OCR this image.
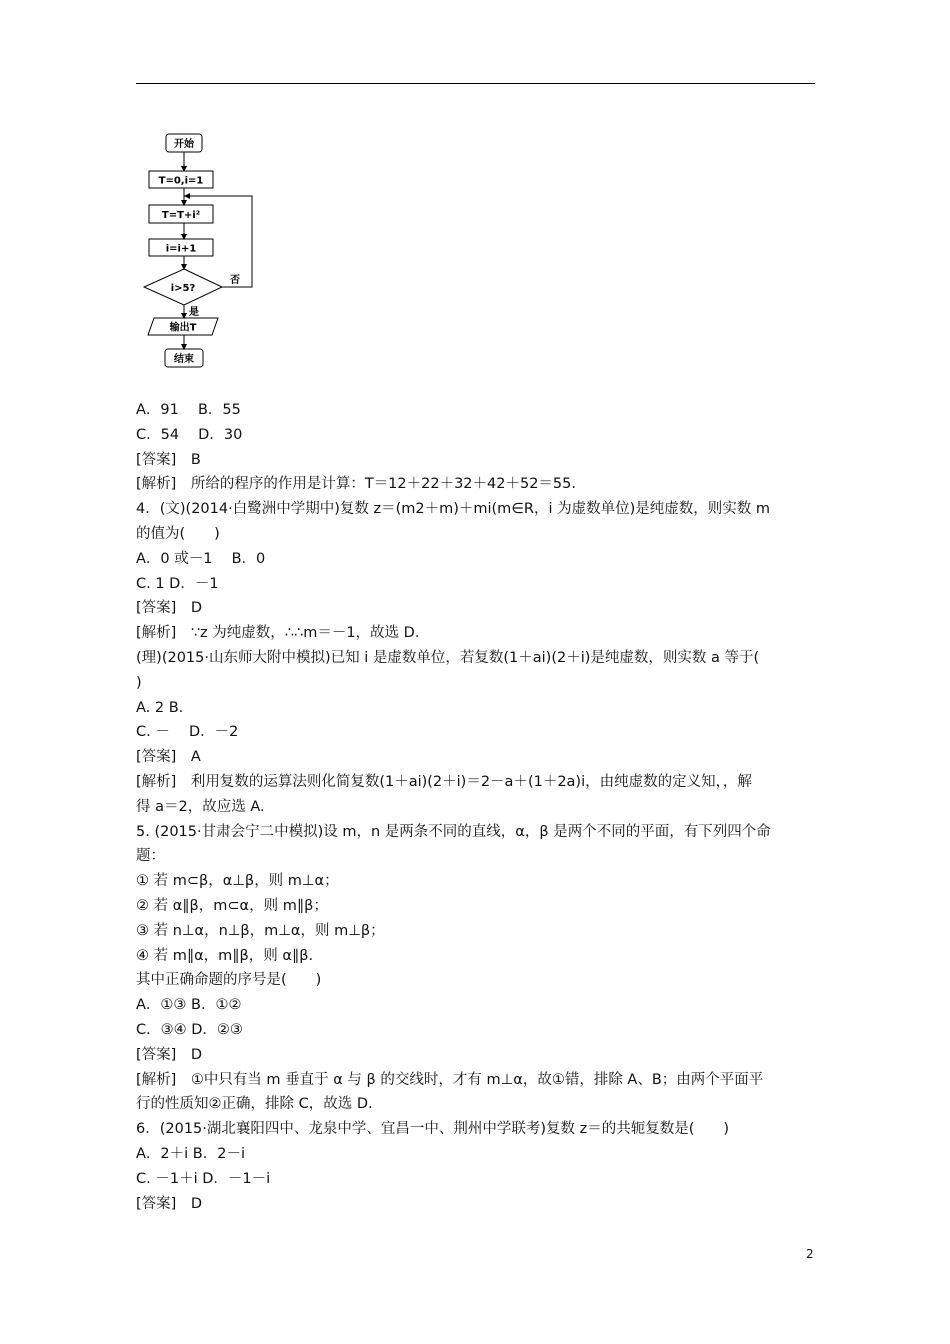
开始
T=0,i=1
T=T+i²
i=i+1
i>5?
否
是
输出T
结束
A．91　 B．55
C．54　 D．30
[答案]　B
[解析]　所给的程序的作用是计算：T＝12＋22＋32＋42＋52＝55.
4．(文)(2014·白鹭洲中学期中)复数 z＝(m2＋m)＋mi(m∈R，i 为虚数单位)是纯虚数，则实数 m
的值为(　　)
A．0 或－1　 B．0
C. 1 D．－1
[答案]　D
[解析]　∵z 为纯虚数，∴∴m＝－1，故选 D.
(理)(2015·山东师大附中模拟)已知 i 是虚数单位，若复数(1＋ai)(2＋i)是纯虚数，则实数 a 等于(
)
A. 2 B.
C. －　 D．－2
[答案]　A
[解析]　利用复数的运算法则化简复数(1＋ai)(2＋i)＝2－a＋(1＋2a)i，由纯虚数的定义知，，解
得 a＝2，故应选 A.
5. (2015·甘肃会宁二中模拟)设 m，n 是两条不同的直线，α，β 是两个不同的平面，有下列四个命
题：
① 若 m⊂β，α⊥β，则 m⊥α；
② 若 α∥β，m⊂α，则 m∥β；
③ 若 n⊥α，n⊥β，m⊥α，则 m⊥β；
④ 若 m∥α，m∥β，则 α∥β.
其中正确命题的序号是(　　)
A．①③ B．①②
C．③④ D．②③
[答案]　D
[解析]　①中只有当 m 垂直于 α 与 β 的交线时，才有 m⊥α，故①错，排除 A、B；由两个平面平
行的性质知②正确，排除 C，故选 D.
6．(2015·湖北襄阳四中、龙泉中学、宜昌一中、荆州中学联考)复数 z＝的共轭复数是(　　)
A．2＋i B．2－i
C. －1＋i D．－1－i
[答案]　D
2
